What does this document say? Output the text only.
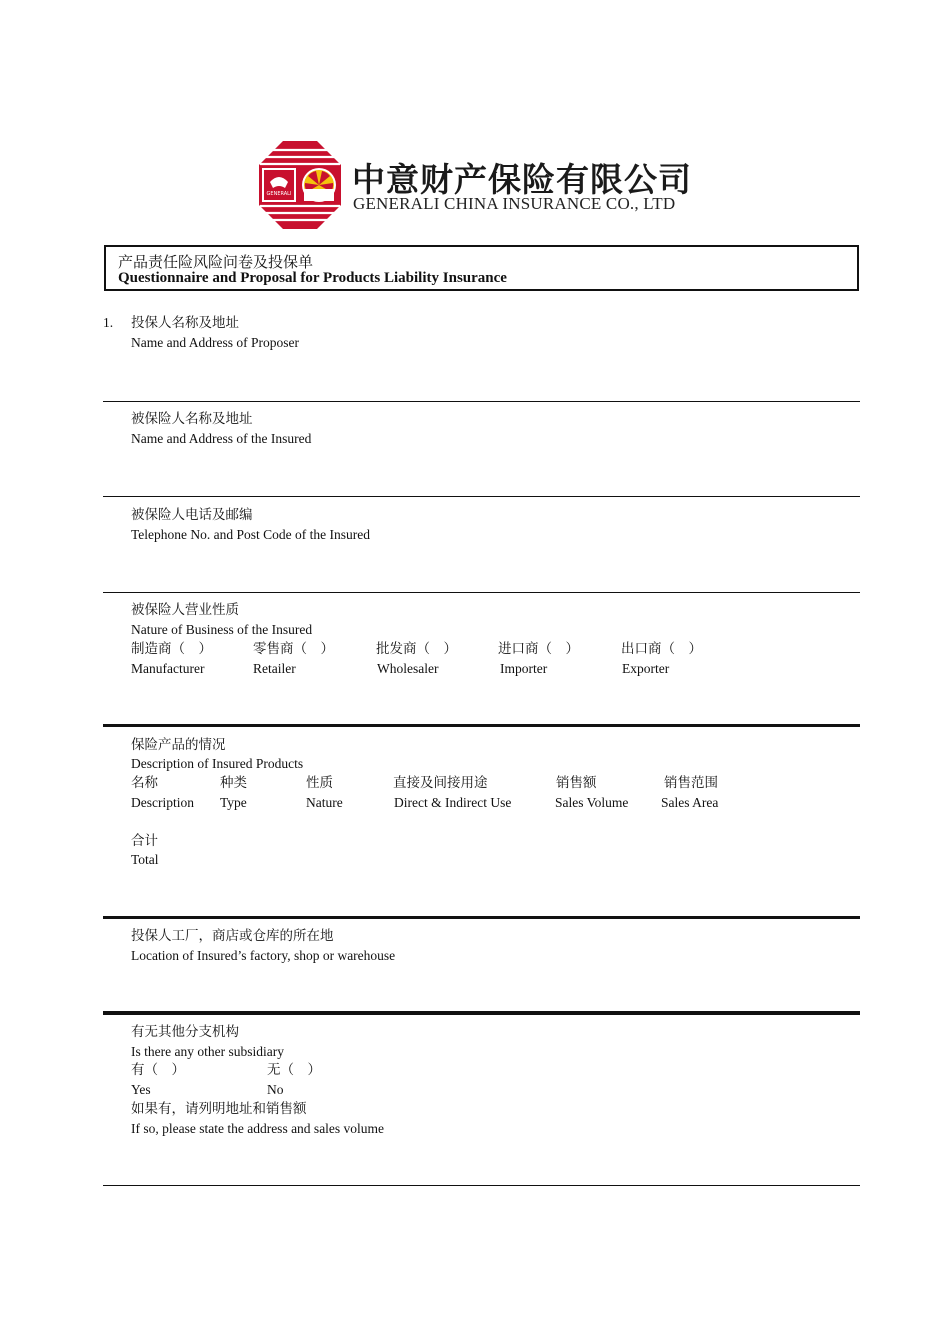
GENERALI 中意财产保险有限公司
GENERALI CHINA INSURANCE CO., LTD
产品责任险风险问卷及投保单
Questionnaire and Proposal for Products Liability Insurance
1. 投保人名称及地址
Name and Address of Proposer
被保险人名称及地址
Name and Address of the Insured
被保险人电话及邮编
Telephone No. and Post Code of the Insured
被保险人营业性质
Nature of Business of the Insured
制造商（　）
Manufacturer
零售商（　）
Retailer
批发商（　）
Wholesaler
进口商（　）
Importer
出口商（　）
Exporter
保险产品的情况
Description of Insured Products
名称
Description
种类
Type
性质
Nature
直接及间接用途
Direct & Indirect Use
销售额
Sales Volume
销售范围
Sales Area
合计
Total
投保人工厂，商店或仓库的所在地
Location of Insured’s factory, shop or warehouse
有无其他分支机构
Is there any other subsidiary
有（　）
Yes
无（　）
No
如果有，请列明地址和销售额
If so, please state the address and sales volume
